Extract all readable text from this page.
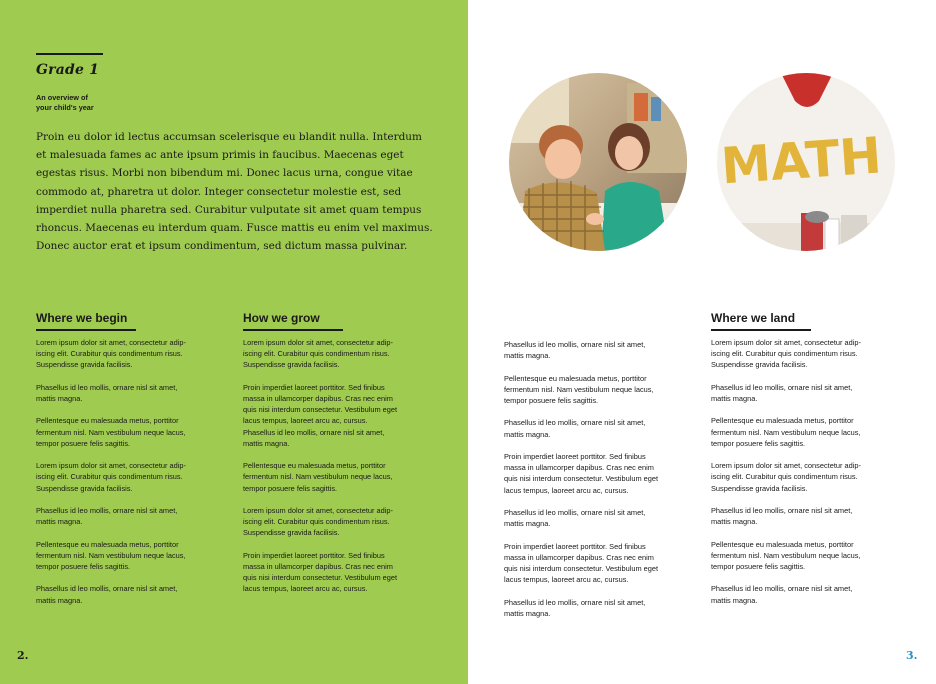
Grade 1
An overview of
your child's year
Proin eu dolor id lectus accumsan scelerisque eu blandit nulla. Interdum
et malesuada fames ac ante ipsum primis in faucibus. Maecenas eget
egestas risus. Morbi non bibendum mi. Donec lacus urna, congue vitae
commodo at, pharetra ut dolor. Integer consectetur molestie est, sed
imperdiet nulla pharetra sed. Curabitur vulputate sit amet quam tempus
rhoncus. Maecenas eu interdum quam. Fusce mattis eu enim vel maximus.
Donec auctor erat et ipsum condimentum, sed dictum massa pulvinar.
Where we begin
Lorem ipsum dolor sit amet, consectetur adip-
iscing elit. Curabitur quis condimentum risus.
Suspendisse gravida facilisis.
Phasellus id leo mollis, ornare nisl sit amet,
mattis magna.
Pellentesque eu malesuada metus, porttitor
fermentum nisl. Nam vestibulum neque lacus,
tempor posuere felis sagittis.
Lorem ipsum dolor sit amet, consectetur adip-
iscing elit. Curabitur quis condimentum risus.
Suspendisse gravida facilisis.
Phasellus id leo mollis, ornare nisl sit amet,
mattis magna.
Pellentesque eu malesuada metus, porttitor
fermentum nisl. Nam vestibulum neque lacus,
tempor posuere felis sagittis.
Phasellus id leo mollis, ornare nisl sit amet,
mattis magna.
How we grow
Lorem ipsum dolor sit amet, consectetur adip-
iscing elit. Curabitur quis condimentum risus.
Suspendisse gravida facilisis.
Proin imperdiet laoreet porttitor. Sed finibus
massa in ullamcorper dapibus. Cras nec enim
quis nisi interdum consectetur. Vestibulum eget
lacus tempus, laoreet arcu ac, cursus.
Phasellus id leo mollis, ornare nisl sit amet,
mattis magna.
Pellentesque eu malesuada metus, porttitor
fermentum nisl. Nam vestibulum neque lacus,
tempor posuere felis sagittis.
Lorem ipsum dolor sit amet, consectetur adip-
iscing elit. Curabitur quis condimentum risus.
Suspendisse gravida facilisis.
Proin imperdiet laoreet porttitor. Sed finibus
massa in ullamcorper dapibus. Cras nec enim
quis nisi interdum consectetur. Vestibulum eget
lacus tempus, laoreet arcu ac, cursus.
2.
MATH
Phasellus id leo mollis, ornare nisl sit amet,
mattis magna.
Pellentesque eu malesuada metus, porttitor
fermentum nisl. Nam vestibulum neque lacus,
tempor posuere felis sagittis.
Phasellus id leo mollis, ornare nisl sit amet,
mattis magna.
Proin imperdiet laoreet porttitor. Sed finibus
massa in ullamcorper dapibus. Cras nec enim
quis nisi interdum consectetur. Vestibulum eget
lacus tempus, laoreet arcu ac, cursus.
Phasellus id leo mollis, ornare nisl sit amet,
mattis magna.
Proin imperdiet laoreet porttitor. Sed finibus
massa in ullamcorper dapibus. Cras nec enim
quis nisi interdum consectetur. Vestibulum eget
lacus tempus, laoreet arcu ac, cursus.
Phasellus id leo mollis, ornare nisl sit amet,
mattis magna.
Where we land
Lorem ipsum dolor sit amet, consectetur adip-
iscing elit. Curabitur quis condimentum risus.
Suspendisse gravida facilisis.
Phasellus id leo mollis, ornare nisl sit amet,
mattis magna.
Pellentesque eu malesuada metus, porttitor
fermentum nisl. Nam vestibulum neque lacus,
tempor posuere felis sagittis.
Lorem ipsum dolor sit amet, consectetur adip-
iscing elit. Curabitur quis condimentum risus.
Suspendisse gravida facilisis.
Phasellus id leo mollis, ornare nisl sit amet,
mattis magna.
Pellentesque eu malesuada metus, porttitor
fermentum nisl. Nam vestibulum neque lacus,
tempor posuere felis sagittis.
Phasellus id leo mollis, ornare nisl sit amet,
mattis magna.
3.
